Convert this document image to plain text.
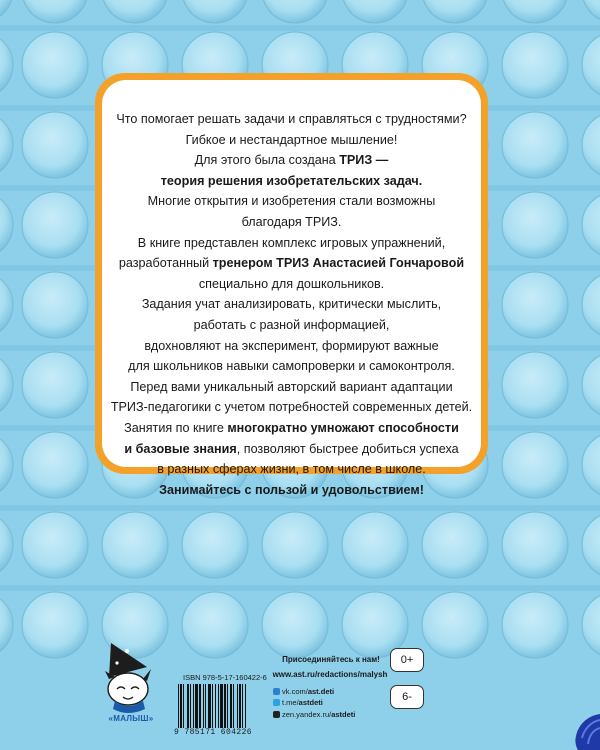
Что помогает решать задачи и справляться с трудностями?
Гибкое и нестандартное мышление!
Для этого была создана ТРИЗ —
теория решения изобретательских задач.
Многие открытия и изобретения стали возможны
благодаря ТРИЗ.
В книге представлен комплекс игровых упражнений,
разработанный тренером ТРИЗ Анастасией Гончаровой
специально для дошкольников.
Задания учат анализировать, критически мыслить,
работать с разной информацией,
вдохновляют на эксперимент, формируют важные
для школьников навыки самопроверки и самоконтроля.
Перед вами уникальный авторский вариант адаптации
ТРИЗ-педагогики с учетом потребностей современных детей.
Занятия по книге многократно умножают способности
и базовые знания, позволяют быстрее добиться успеха
в разных сферах жизни, в том числе в школе.
Занимайтесь с пользой и удовольствием!
«МАЛЫШ»
ISBN 978-5-17-160422-6
9 785171 604226
Присоединяйтесь к нам!
www.ast.ru/redactions/malysh
vk.com/ast.deti
t.me/astdeti
zen.yandex.ru/astdeti
0+
6-
